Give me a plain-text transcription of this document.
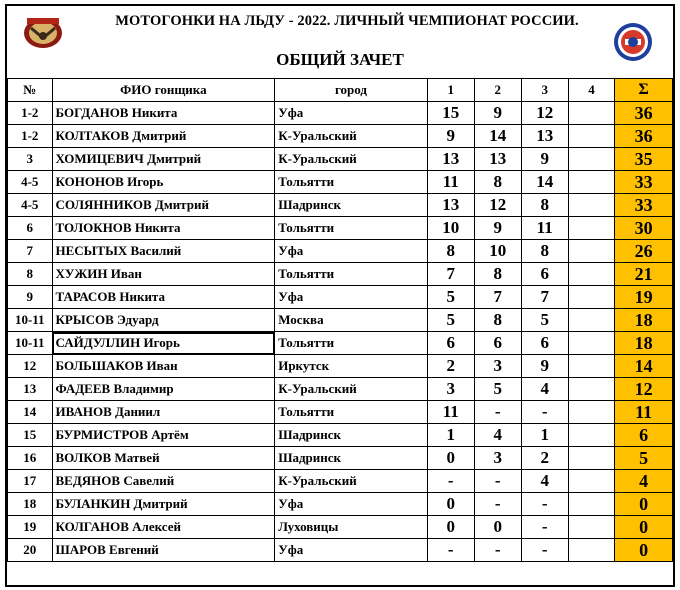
МОТОГОНКИ НА ЛЬДУ - 2022. ЛИЧНЫЙ ЧЕМПИОНАТ РОССИИ.
ОБЩИЙ ЗАЧЕТ
№	ФИО гонщика	город	1	2	3	4	Σ
1-2	БОГДАНОВ Никита	Уфа	15	9	12		36
1-2	КОЛТАКОВ Дмитрий	К-Уральский	9	14	13		36
3	ХОМИЦЕВИЧ Дмитрий	К-Уральский	13	13	9		35
4-5	КОНОНОВ Игорь	Тольятти	11	8	14		33
4-5	СОЛЯННИКОВ Дмитрий	Шадринск	13	12	8		33
6	ТОЛОКНОВ Никита	Тольятти	10	9	11		30
7	НЕСЫТЫХ Василий	Уфа	8	10	8		26
8	ХУЖИН Иван	Тольятти	7	8	6		21
9	ТАРАСОВ Никита	Уфа	5	7	7		19
10-11	КРЫСОВ Эдуард	Москва	5	8	5		18
10-11	САЙДУЛЛИН Игорь	Тольятти	6	6	6		18
12	БОЛЬШАКОВ Иван	Иркутск	2	3	9		14
13	ФАДЕЕВ Владимир	К-Уральский	3	5	4		12
14	ИВАНОВ Даниил	Тольятти	11	-	-		11
15	БУРМИСТРОВ Артём	Шадринск	1	4	1		6
16	ВОЛКОВ Матвей	Шадринск	0	3	2		5
17	ВЕДЯНОВ Савелий	К-Уральский	-	-	4		4
18	БУЛАНКИН Дмитрий	Уфа	0	-	-		0
19	КОЛГАНОВ Алексей	Луховицы	0	0	-		0
20	ШАРОВ Евгений	Уфа	-	-	-		0
